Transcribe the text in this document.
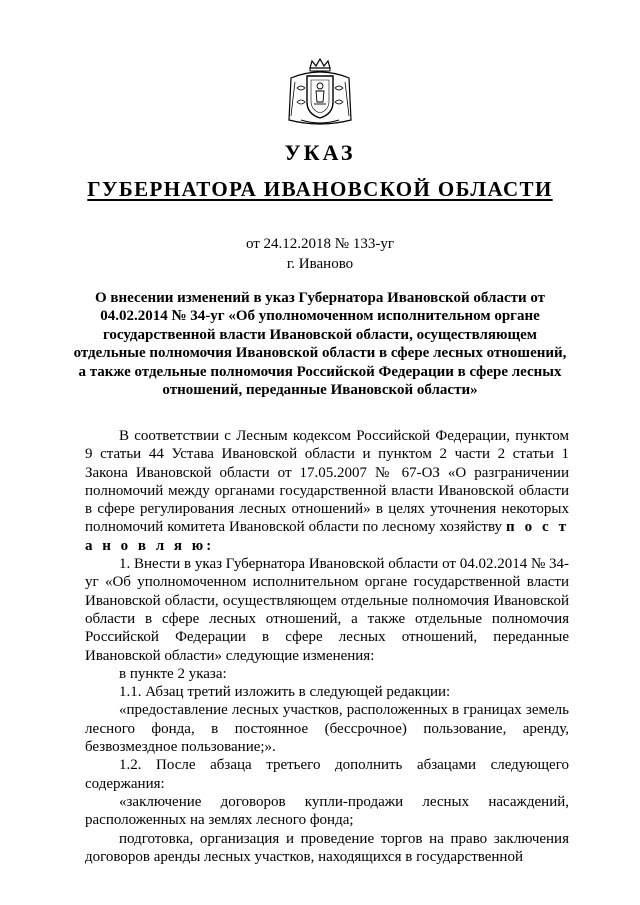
УКАЗ
ГУБЕРНАТОРА ИВАНОВСКОЙ ОБЛАСТИ
от 24.12.2018 № 133-уг
г. Иваново
О внесении изменений в указ Губернатора Ивановской области от 04.02.2014 № 34-уг «Об уполномоченном исполнительном органе государственной власти Ивановской области, осуществляющем отдельные полномочия Ивановской области в сфере лесных отношений, а также отдельные полномочия Российской Федерации в сфере лесных отношений, переданные Ивановской области»

В соответствии с Лесным кодексом Российской Федерации, пунктом 9 статьи 44 Устава Ивановской области и пунктом 2 части 2 статьи 1 Закона Ивановской области от 17.05.2007 № 67-ОЗ «О разграничении полномочий между органами государственной власти Ивановской области в сфере регулирования лесных отношений» в целях уточнения некоторых полномочий комитета Ивановской области по лесному хозяйству п о с т а н о в л я ю:

1. Внести в указ Губернатора Ивановской области от 04.02.2014 № 34-уг «Об уполномоченном исполнительном органе государственной власти Ивановской области, осуществляющем отдельные полномочия Ивановской области в сфере лесных отношений, а также отдельные полномочия Российской Федерации в сфере лесных отношений, переданные Ивановской области» следующие изменения:

в пункте 2 указа:

1.1. Абзац третий изложить в следующей редакции:

«предоставление лесных участков, расположенных в границах земель лесного фонда, в постоянное (бессрочное) пользование, аренду, безвозмездное пользование;».

1.2. После абзаца третьего дополнить абзацами следующего содержания:

«заключение договоров купли-продажи лесных насаждений, расположенных на землях лесного фонда;

подготовка, организация и проведение торгов на право заключения договоров аренды лесных участков, находящихся в государственной
